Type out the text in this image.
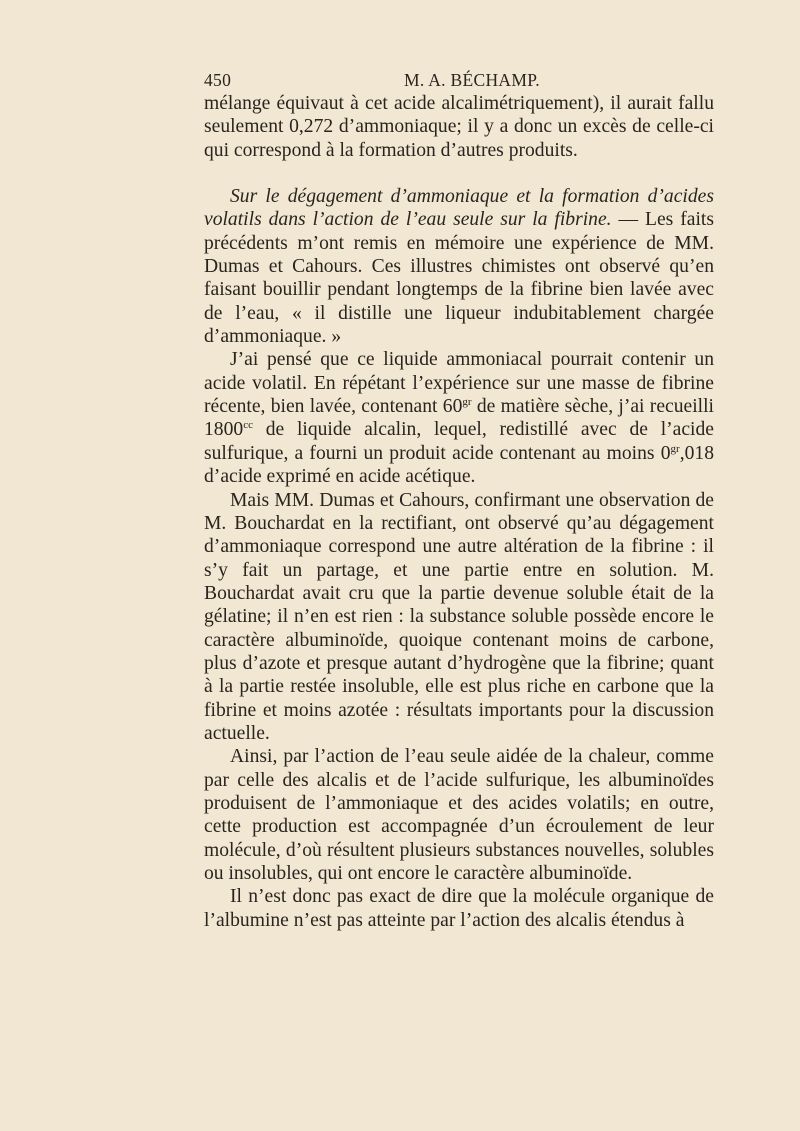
450	M. A. BÉCHAMP.

mélange équivaut à cet acide alcalimétriquement), il aurait fallu seulement 0,272 d’ammoniaque; il y a donc un excès de celle-ci qui correspond à la formation d’autres produits.

Sur le dégagement d’ammoniaque et la formation d’acides volatils dans l’action de l’eau seule sur la fibrine. — Les faits précédents m’ont remis en mémoire une expérience de MM. Dumas et Cahours. Ces illustres chimistes ont observé qu’en faisant bouillir pendant longtemps de la fibrine bien lavée avec de l’eau, « il distille une liqueur indubitablement chargée d’ammoniaque. »

J’ai pensé que ce liquide ammoniacal pourrait contenir un acide volatil. En répétant l’expérience sur une masse de fibrine récente, bien lavée, contenant $60^{gr}$ de matière sèche, j’ai recueilli $1800^{cc}$ de liquide alcalin, lequel, redistillé avec de l’acide sulfurique, a fourni un produit acide contenant au moins $0^{gr},018$ d’acide exprimé en acide acétique.

Mais MM. Dumas et Cahours, confirmant une observation de M. Bouchardat en la rectifiant, ont observé qu’au dégagement d’ammoniaque correspond une autre altération de la fibrine : il s’y fait un partage, et une partie entre en solution. M. Bouchardat avait cru que la partie devenue soluble était de la gélatine; il n’en est rien : la substance soluble possède encore le caractère albuminoïde, quoique contenant moins de carbone, plus d’azote et presque autant d’hydrogène que la fibrine; quant à la partie restée insoluble, elle est plus riche en carbone que la fibrine et moins azotée : résultats importants pour la discussion actuelle.

Ainsi, par l’action de l’eau seule aidée de la chaleur, comme par celle des alcalis et de l’acide sulfurique, les albuminoïdes produisent de l’ammoniaque et des acides volatils; en outre, cette production est accompagnée d’un écroulement de leur molécule, d’où résultent plusieurs substances nouvelles, solubles ou insolubles, qui ont encore le caractère albuminoïde.

Il n’est donc pas exact de dire que la molécule organique de l’albumine n’est pas atteinte par l’action des alcalis étendus à
